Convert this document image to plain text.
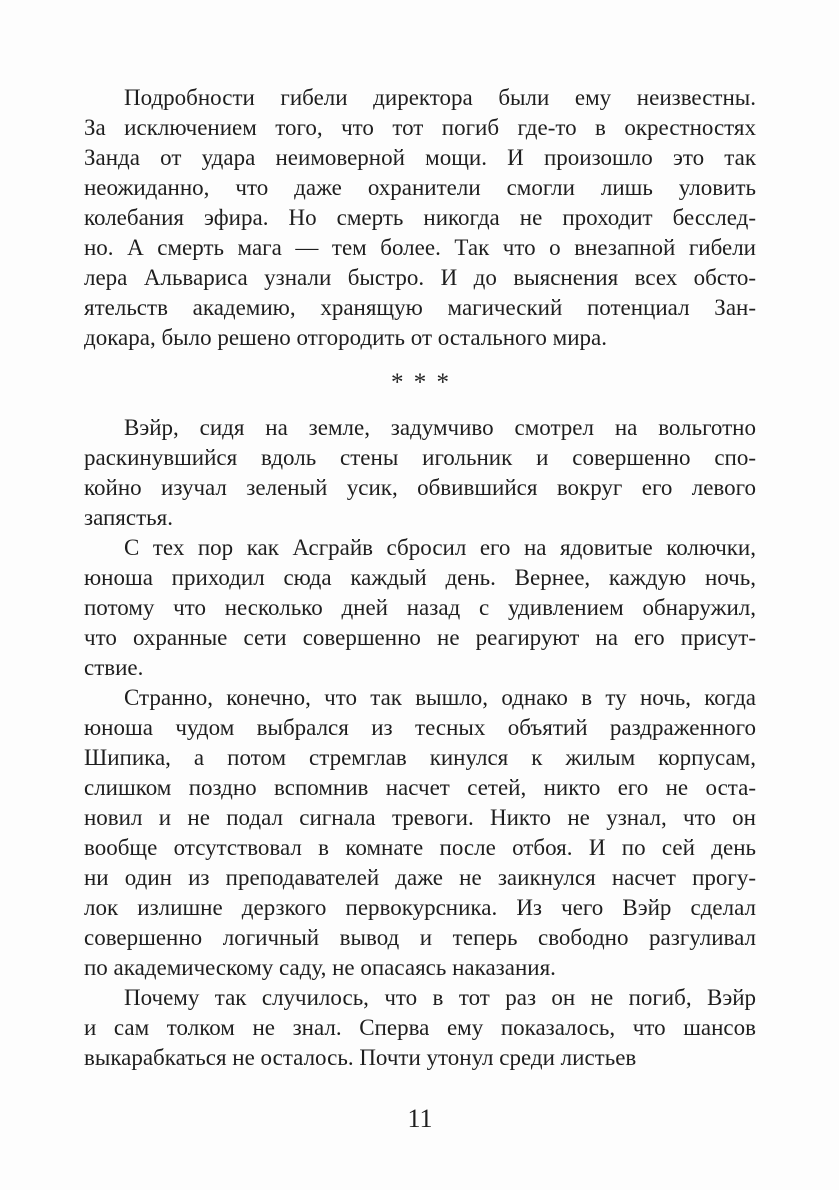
Подробности гибели директора были ему неизвестны.
За исключением того, что тот погиб где-то в окрестностях
Занда от удара неимоверной мощи. И произошло это так
неожиданно, что даже охранители смогли лишь уловить
колебания эфира. Но смерть никогда не проходит бесслед-
но. А смерть мага — тем более. Так что о внезапной гибели
лера Альвариса узнали быстро. И до выяснения всех обсто-
ятельств академию, хранящую магический потенциал Зан-
докара, было решено отгородить от остального мира.
* * *
Вэйр, сидя на земле, задумчиво смотрел на вольготно
раскинувшийся вдоль стены игольник и совершенно спо-
койно изучал зеленый усик, обвившийся вокруг его левого
запястья.
С тех пор как Асграйв сбросил его на ядовитые колючки,
юноша приходил сюда каждый день. Вернее, каждую ночь,
потому что несколько дней назад с удивлением обнаружил,
что охранные сети совершенно не реагируют на его присут-
ствие.
Странно, конечно, что так вышло, однако в ту ночь, когда
юноша чудом выбрался из тесных объятий раздраженного
Шипика, а потом стремглав кинулся к жилым корпусам,
слишком поздно вспомнив насчет сетей, никто его не оста-
новил и не подал сигнала тревоги. Никто не узнал, что он
вообще отсутствовал в комнате после отбоя. И по сей день
ни один из преподавателей даже не заикнулся насчет прогу-
лок излишне дерзкого первокурсника. Из чего Вэйр сделал
совершенно логичный вывод и теперь свободно разгуливал
по академическому саду, не опасаясь наказания.
Почему так случилось, что в тот раз он не погиб, Вэйр
и сам толком не знал. Сперва ему показалось, что шансов
выкарабкаться не осталось. Почти утонул среди листьев
11
